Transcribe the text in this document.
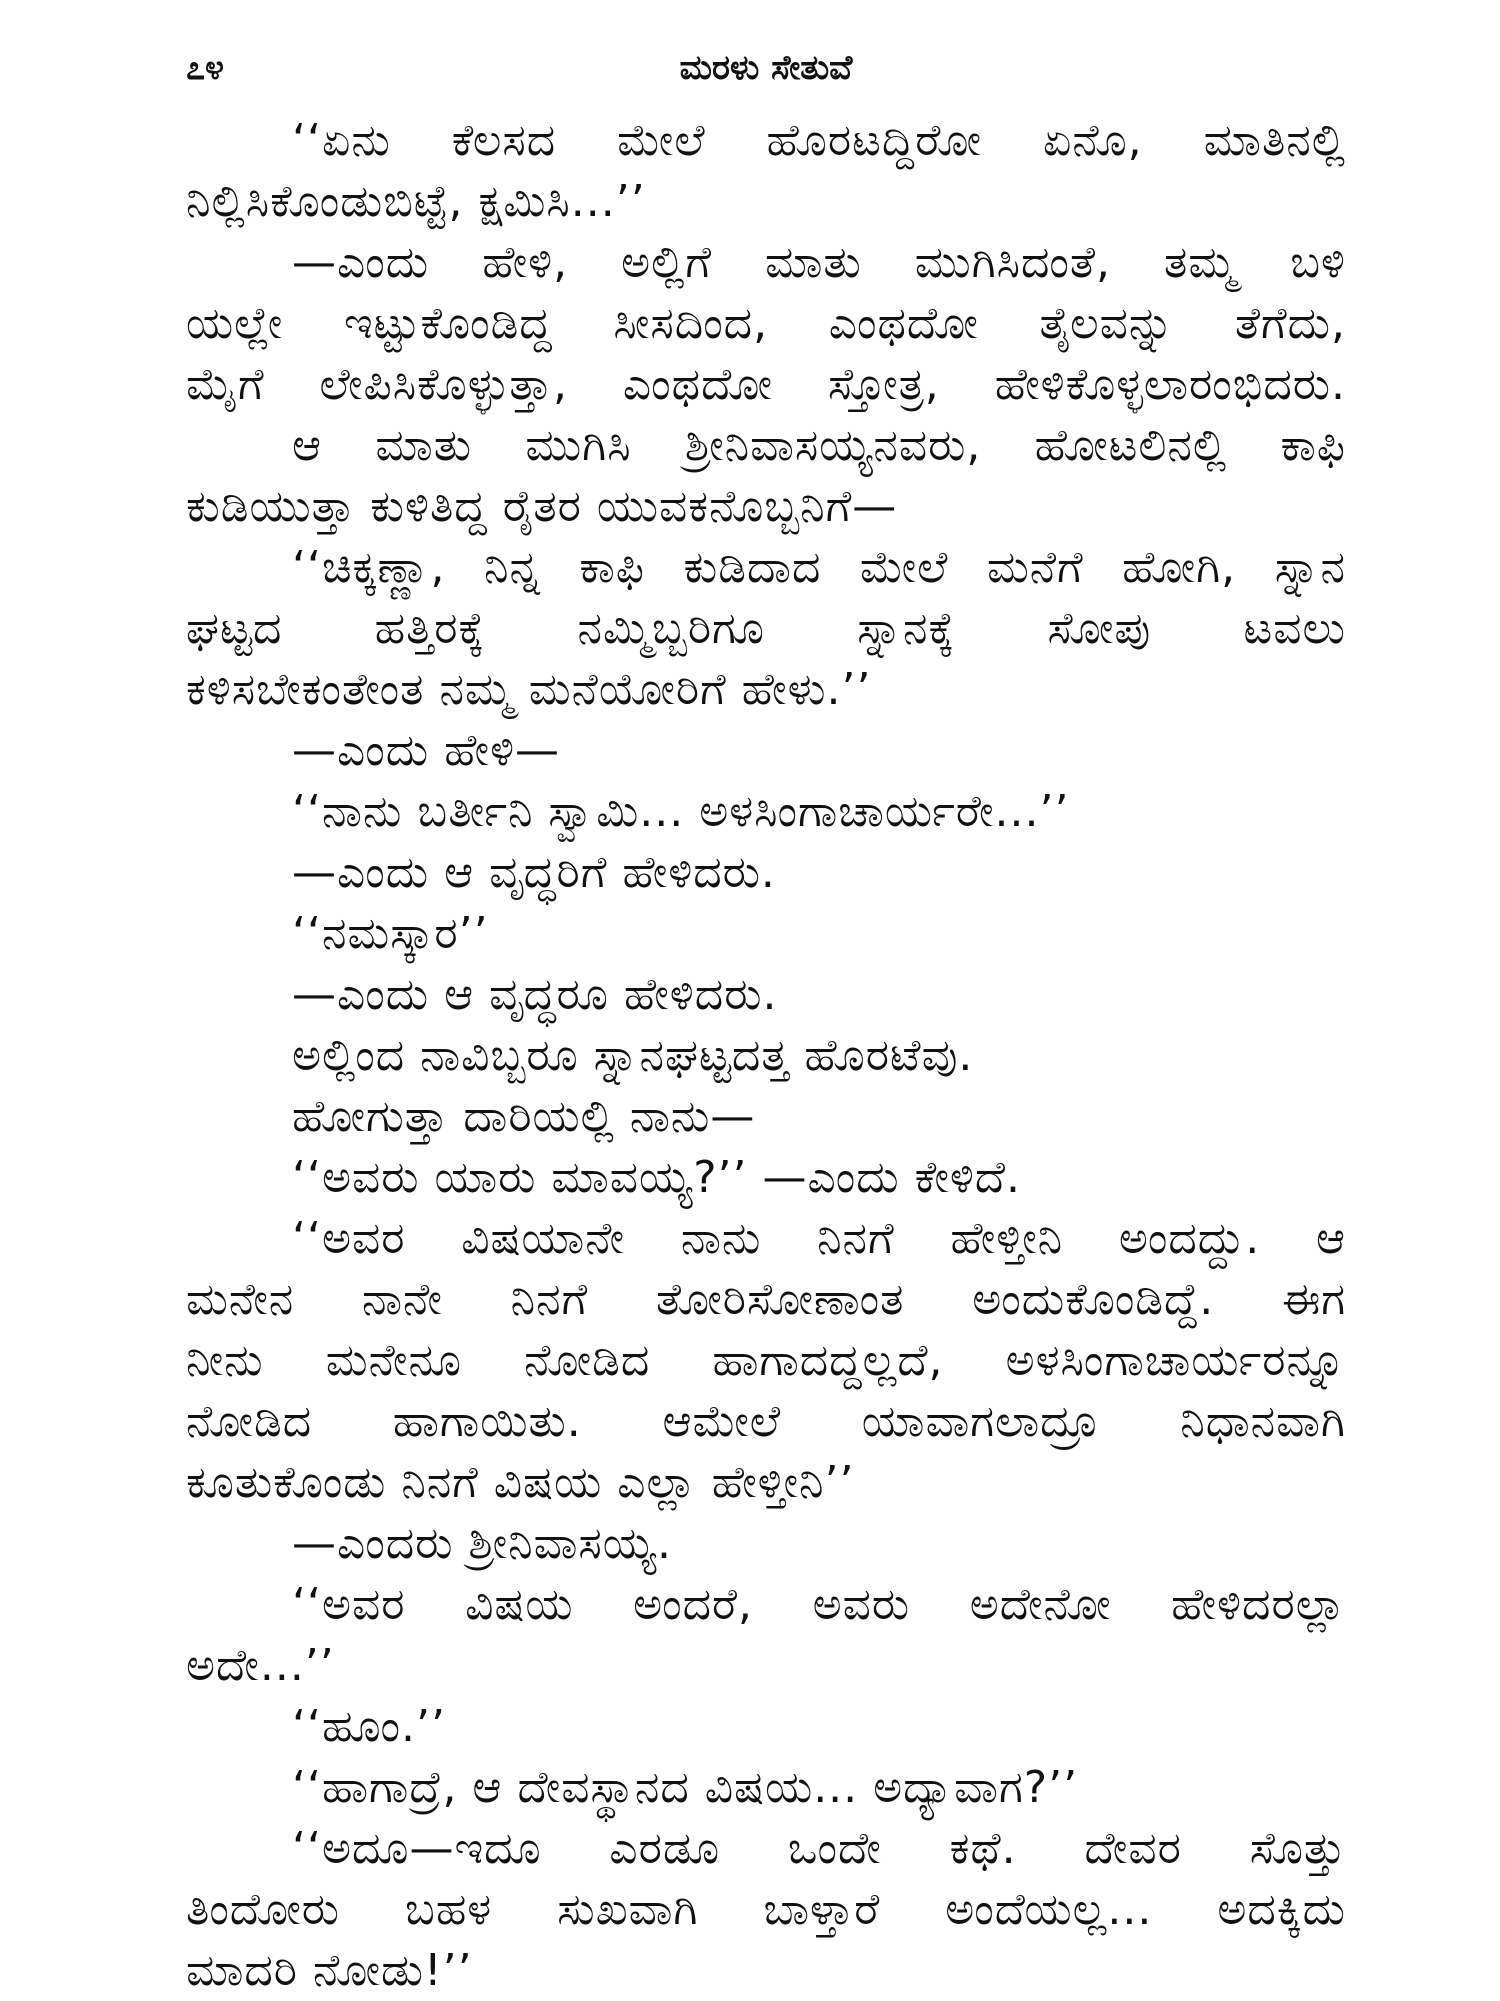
೭೪	ಮರಳು ಸೇತುವೆ
‘‘ಏನು ಕೆಲಸದ ಮೇಲೆ ಹೊರಟದ್ದಿರೋ ಏನೊ, ಮಾತಿನಲ್ಲಿ
ನಿಲ್ಲಿಸಿಕೊಂಡುಬಿಟ್ಟೆ, ಕ್ಷಮಿಸಿ...’’
—ಎಂದು ಹೇಳಿ, ಅಲ್ಲಿಗೆ ಮಾತು ಮುಗಿಸಿದಂತೆ, ತಮ್ಮ ಬಳಿ
ಯಲ್ಲೇ ಇಟ್ಟುಕೊಂಡಿದ್ದ ಸೀಸದಿಂದ, ಎಂಥದೋ ತೈಲವನ್ನು ತೆಗೆದು,
ಮೈಗೆ ಲೇಪಿಸಿಕೊಳ್ಳುತ್ತಾ, ಎಂಥದೋ ಸ್ತೋತ್ರ, ಹೇಳಿಕೊಳ್ಳಲಾರಂಭಿದರು.
ಆ ಮಾತು ಮುಗಿಸಿ ಶ್ರೀನಿವಾಸಯ್ಯನವರು, ಹೋಟಲಿನಲ್ಲಿ ಕಾಫಿ
ಕುಡಿಯುತ್ತಾ ಕುಳಿತಿದ್ದ ರೈತರ ಯುವಕನೊಬ್ಬನಿಗೆ—
‘‘ಚಿಕ್ಕಣ್ಣಾ, ನಿನ್ನ ಕಾಫಿ ಕುಡಿದಾದ ಮೇಲೆ ಮನೆಗೆ ಹೋಗಿ, ಸ್ನಾನ
ಘಟ್ಟದ ಹತ್ತಿರಕ್ಕೆ ನಮ್ಮಿಬ್ಬರಿಗೂ ಸ್ನಾನಕ್ಕೆ ಸೋಪು ಟವಲು
ಕಳಿಸಬೇಕಂತೇಂತ ನಮ್ಮ ಮನೆಯೋರಿಗೆ ಹೇಳು.’’
—ಎಂದು ಹೇಳಿ—
‘‘ನಾನು ಬರ್ತೀನಿ ಸ್ವಾಮಿ... ಅಳಸಿಂಗಾಚಾರ್ಯರೇ...’’
—ಎಂದು ಆ ವೃದ್ಧರಿಗೆ ಹೇಳಿದರು.
‘‘ನಮಸ್ಕಾರ’’
—ಎಂದು ಆ ವೃದ್ಧರೂ ಹೇಳಿದರು.
ಅಲ್ಲಿಂದ ನಾವಿಬ್ಬರೂ ಸ್ನಾನಘಟ್ಟದತ್ತ ಹೊರಟೆವು.
ಹೋಗುತ್ತಾ ದಾರಿಯಲ್ಲಿ ನಾನು—
‘‘ಅವರು ಯಾರು ಮಾವಯ್ಯ?’’ —ಎಂದು ಕೇಳಿದೆ.
‘‘ಅವರ ವಿಷಯಾನೇ ನಾನು ನಿನಗೆ ಹೇಳ್ತೀನಿ ಅಂದದ್ದು. ಆ
ಮನೇನ ನಾನೇ ನಿನಗೆ ತೋರಿಸೋಣಾಂತ ಅಂದುಕೊಂಡಿದ್ದೆ. ಈಗ
ನೀನು ಮನೇನೂ ನೋಡಿದ ಹಾಗಾದದ್ದಲ್ಲದೆ, ಅಳಸಿಂಗಾಚಾರ್ಯರನ್ನೂ
ನೋಡಿದ ಹಾಗಾಯಿತು. ಆಮೇಲೆ ಯಾವಾಗಲಾದ್ರೂ ನಿಧಾನವಾಗಿ
ಕೂತುಕೊಂಡು ನಿನಗೆ ವಿಷಯ ಎಲ್ಲಾ ಹೇಳ್ತೀನಿ’’
—ಎಂದರು ಶ್ರೀನಿವಾಸಯ್ಯ.
‘‘ಅವರ ವಿಷಯ ಅಂದರೆ, ಅವರು ಅದೇನೋ ಹೇಳಿದರಲ್ಲಾ
ಅದೇ...’’
‘‘ಹೂಂ.’’
‘‘ಹಾಗಾದ್ರೆ, ಆ ದೇವಸ್ಥಾನದ ವಿಷಯ... ಅದ್ಯಾವಾಗ?’’
‘‘ಅದೂ—ಇದೂ ಎರಡೂ ಒಂದೇ ಕಥೆ. ದೇವರ ಸೊತ್ತು
ತಿಂದೋರು ಬಹಳ ಸುಖವಾಗಿ ಬಾಳ್ತಾರೆ ಅಂದೆಯಲ್ಲ... ಅದಕ್ಕಿದು
ಮಾದರಿ ನೋಡು!’’
